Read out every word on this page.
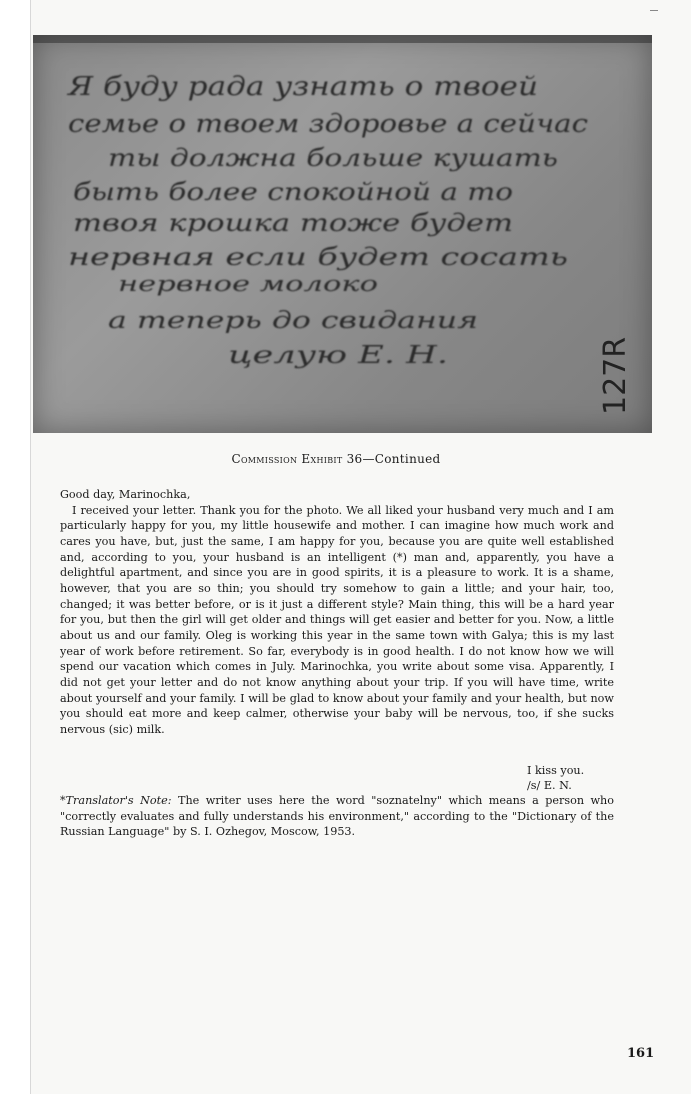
Я буду рада узнать о твоей
семье о твоем здоровье а сейчас
ты должна больше кушать
быть более спокойной а то
твоя крошка тоже будет
нервная если будет сосать
нервное молоко
а теперь до свидания
целую Е. Н.	127R
Commission Exhibit 36—Continued

Good day, Marinochka,

I received your letter. Thank you for the photo. We all liked your husband very much and I am particularly happy for you, my little housewife and mother. I can imagine how much work and cares you have, but, just the same, I am happy for you, because you are quite well established and, according to you, your husband is an intelligent (*) man and, apparently, you have a delightful apartment, and since you are in good spirits, it is a pleasure to work. It is a shame, however, that you are so thin; you should try somehow to gain a little; and your hair, too, changed; it was better before, or is it just a different style? Main thing, this will be a hard year for you, but then the girl will get older and things will get easier and better for you. Now, a little about us and our family. Oleg is working this year in the same town with Galya; this is my last year of work before retirement. So far, everybody is in good health. I do not know how we will spend our vacation which comes in July. Marinochka, you write about some visa. Apparently, I did not get your letter and do not know anything about your trip. If you will have time, write about yourself and your family. I will be glad to know about your family and your health, but now you should eat more and keep calmer, otherwise your baby will be nervous, too, if she sucks nervous (sic) milk.

I kiss you.
/s/ E. N.
*Translator's Note: The writer uses here the word "soznatelny" which means a person who "correctly evaluates and fully understands his environment," according to the "Dictionary of the Russian Language" by S. I. Ozhegov, Moscow, 1953.
161
